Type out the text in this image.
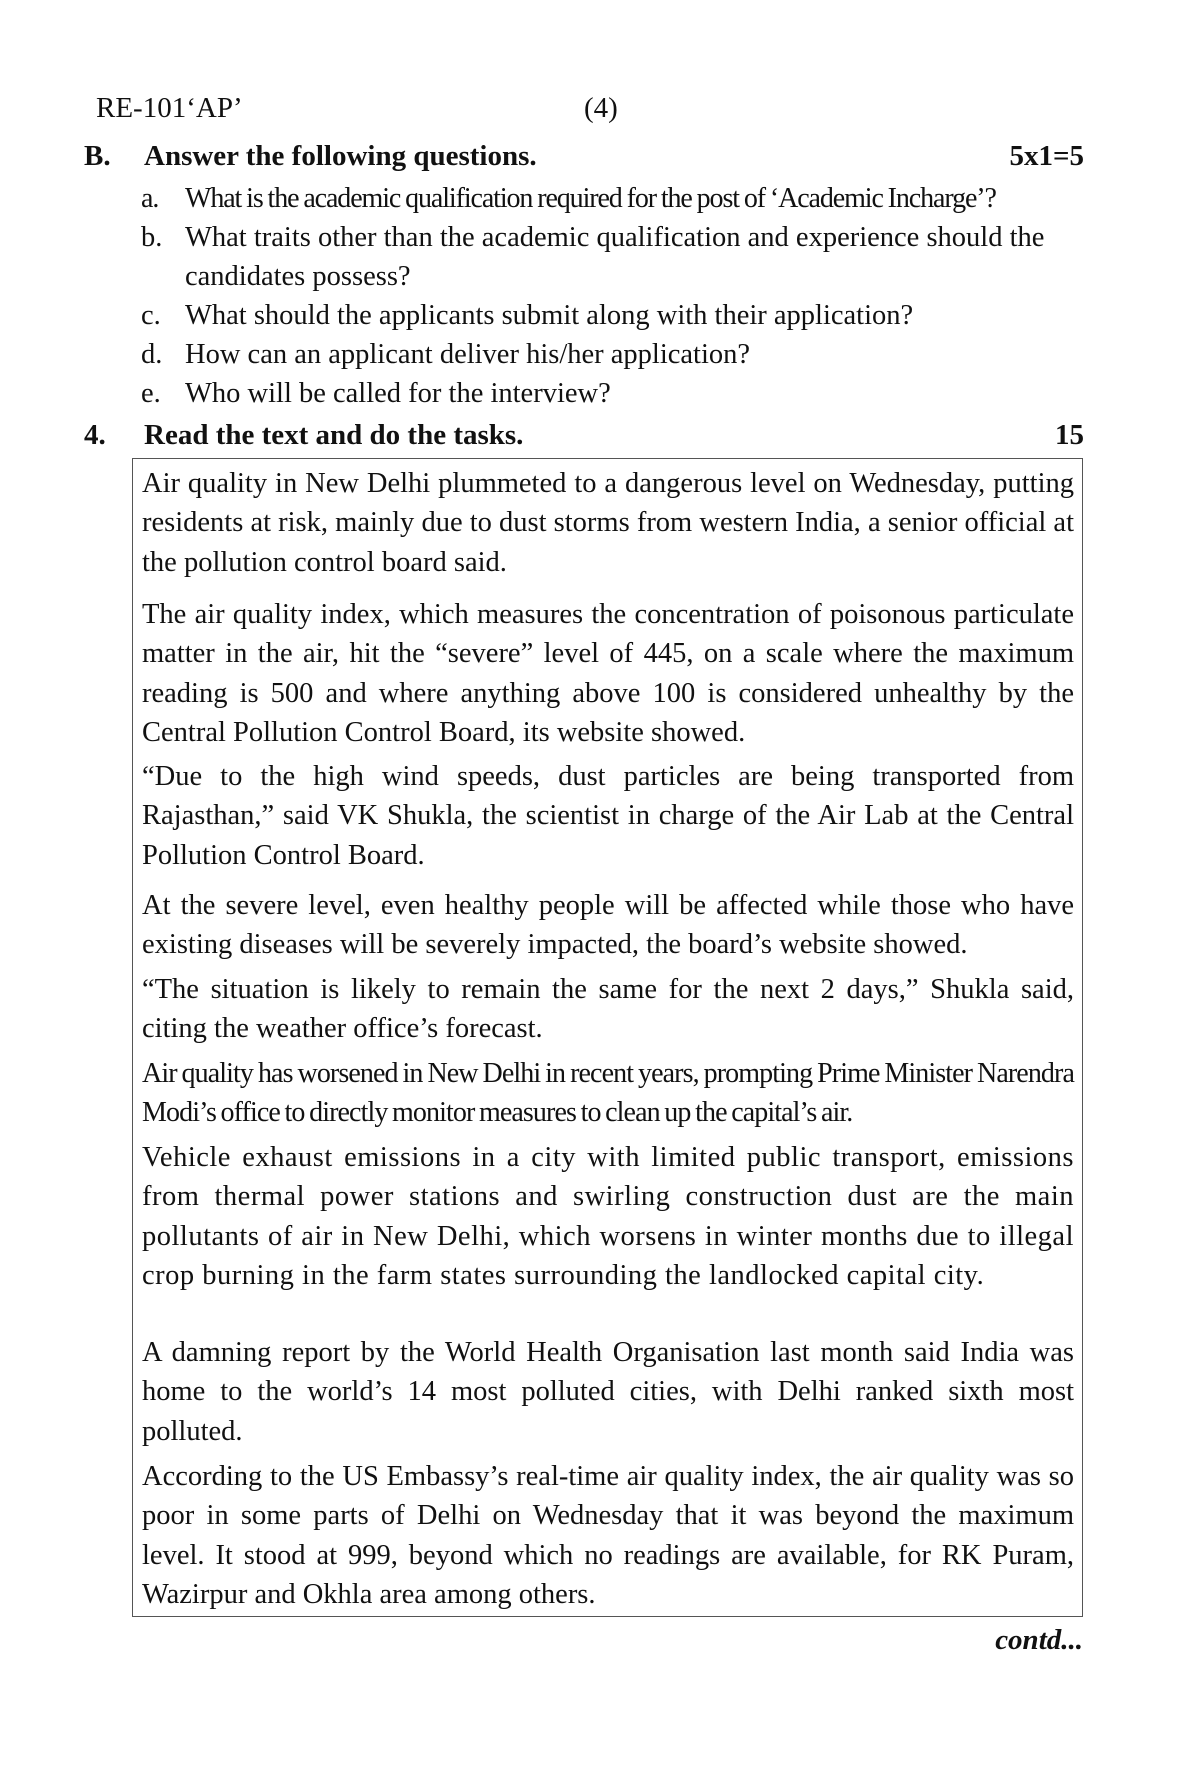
RE-101‘AP’	(4)
B. Answer the following questions.	5x1=5
a. What is the academic qualification required for the post of ‘Academic Incharge’?
b. What traits other than the academic qualification and experience should the candidates possess?
c. What should the applicants submit along with their application?
d. How can an applicant deliver his/her application?
e. Who will be called for the interview?
4. Read the text and do the tasks.	15
Air quality in New Delhi plummeted to a dangerous level on Wednesday, putting residents at risk, mainly due to dust storms from western India, a senior official at the pollution control board said.
The air quality index, which measures the concentration of poisonous particulate matter in the air, hit the “severe” level of 445, on a scale where the maximum reading is 500 and where anything above 100 is considered unhealthy by the Central Pollution Control Board, its website showed.
“Due to the high wind speeds, dust particles are being transported from Rajasthan,” said VK Shukla, the scientist in charge of the Air Lab at the Central Pollution Control Board.
At the severe level, even healthy people will be affected while those who have existing diseases will be severely impacted, the board’s website showed.
“The situation is likely to remain the same for the next 2 days,” Shukla said, citing the weather office’s forecast.
Air quality has worsened in New Delhi in recent years, prompting Prime Minister Narendra Modi’s office to directly monitor measures to clean up the capital’s air.
Vehicle exhaust emissions in a city with limited public transport, emissions from thermal power stations and swirling construction dust are the main pollutants of air in New Delhi, which worsens in winter months due to illegal crop burning in the farm states surrounding the landlocked capital city.
A damning report by the World Health Organisation last month said India was home to the world’s 14 most polluted cities, with Delhi ranked sixth most polluted.
According to the US Embassy’s real-time air quality index, the air quality was so poor in some parts of Delhi on Wednesday that it was beyond the maximum level. It stood at 999, beyond which no readings are available, for RK Puram, Wazirpur and Okhla area among others.
contd...
